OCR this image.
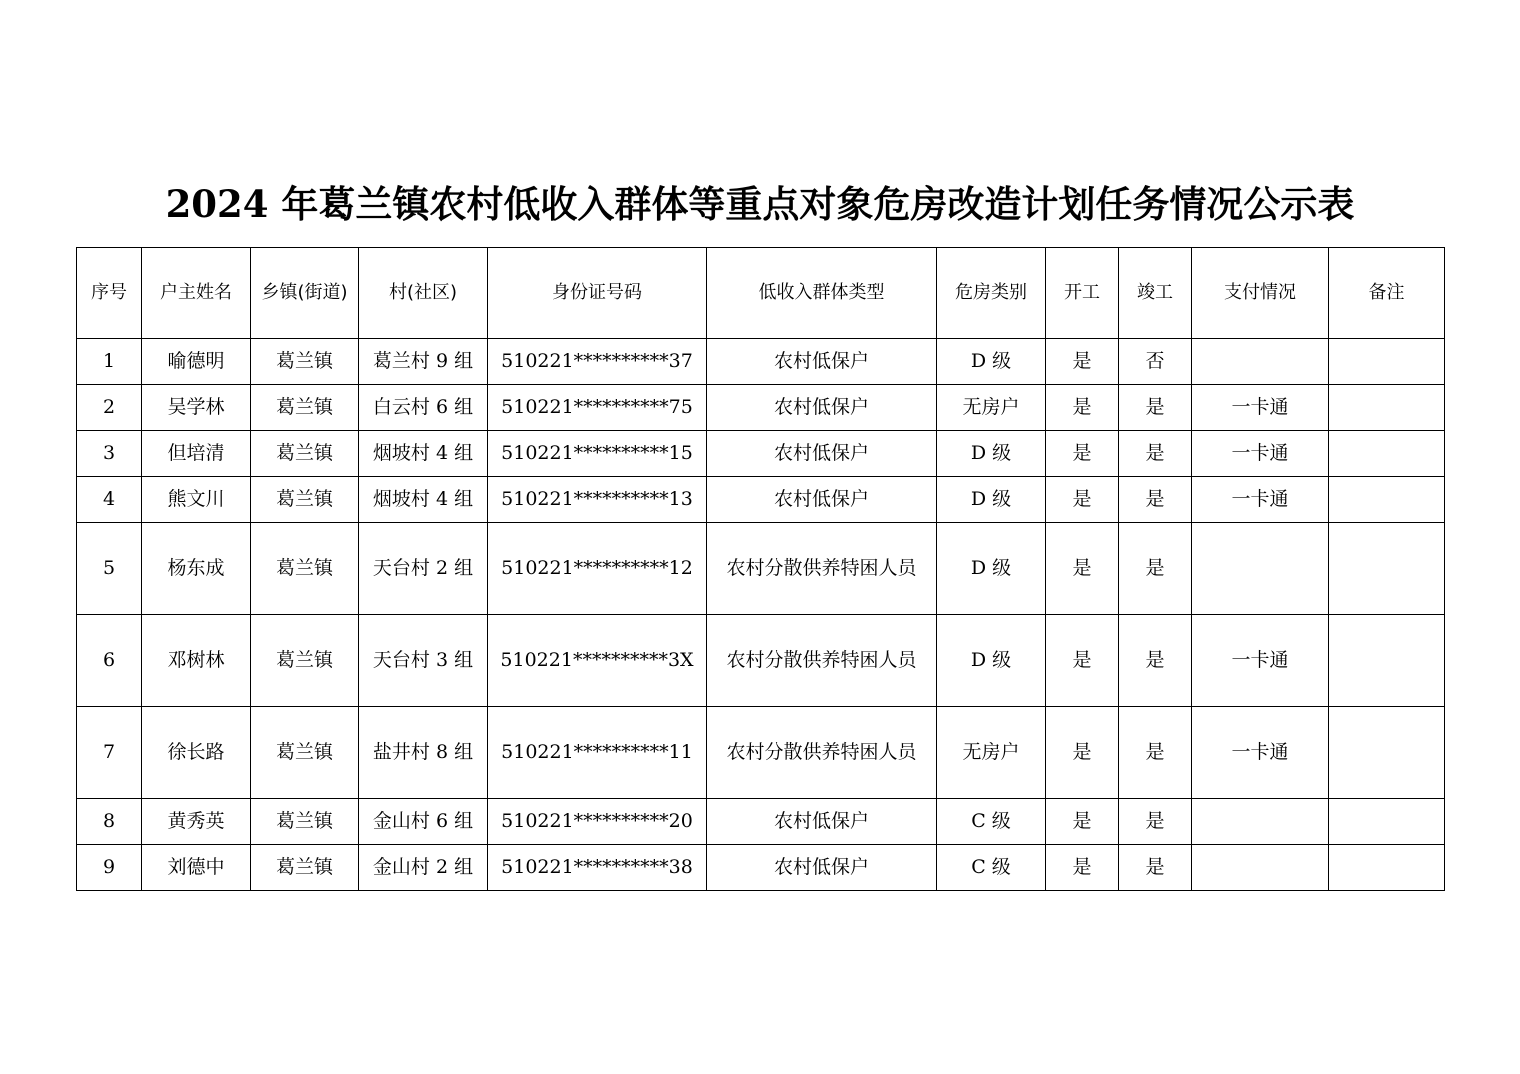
2024 年葛兰镇农村低收入群体等重点对象危房改造计划任务情况公示表
序号	户主姓名	乡镇(街道)	村(社区)	身份证号码	低收入群体类型	危房类别	开工	竣工	支付情况	备注
1	喻德明	葛兰镇	葛兰村 9 组	510221**********37	农村低保户	D 级	是	否		
2	吴学林	葛兰镇	白云村 6 组	510221**********75	农村低保户	无房户	是	是	一卡通	
3	但培清	葛兰镇	烟坡村 4 组	510221**********15	农村低保户	D 级	是	是	一卡通	
4	熊文川	葛兰镇	烟坡村 4 组	510221**********13	农村低保户	D 级	是	是	一卡通	
5	杨东成	葛兰镇	天台村 2 组	510221**********12	农村分散供养特困人员	D 级	是	是		
6	邓树林	葛兰镇	天台村 3 组	510221**********3X	农村分散供养特困人员	D 级	是	是	一卡通	
7	徐长路	葛兰镇	盐井村 8 组	510221**********11	农村分散供养特困人员	无房户	是	是	一卡通	
8	黄秀英	葛兰镇	金山村 6 组	510221**********20	农村低保户	C 级	是	是		
9	刘德中	葛兰镇	金山村 2 组	510221**********38	农村低保户	C 级	是	是		
